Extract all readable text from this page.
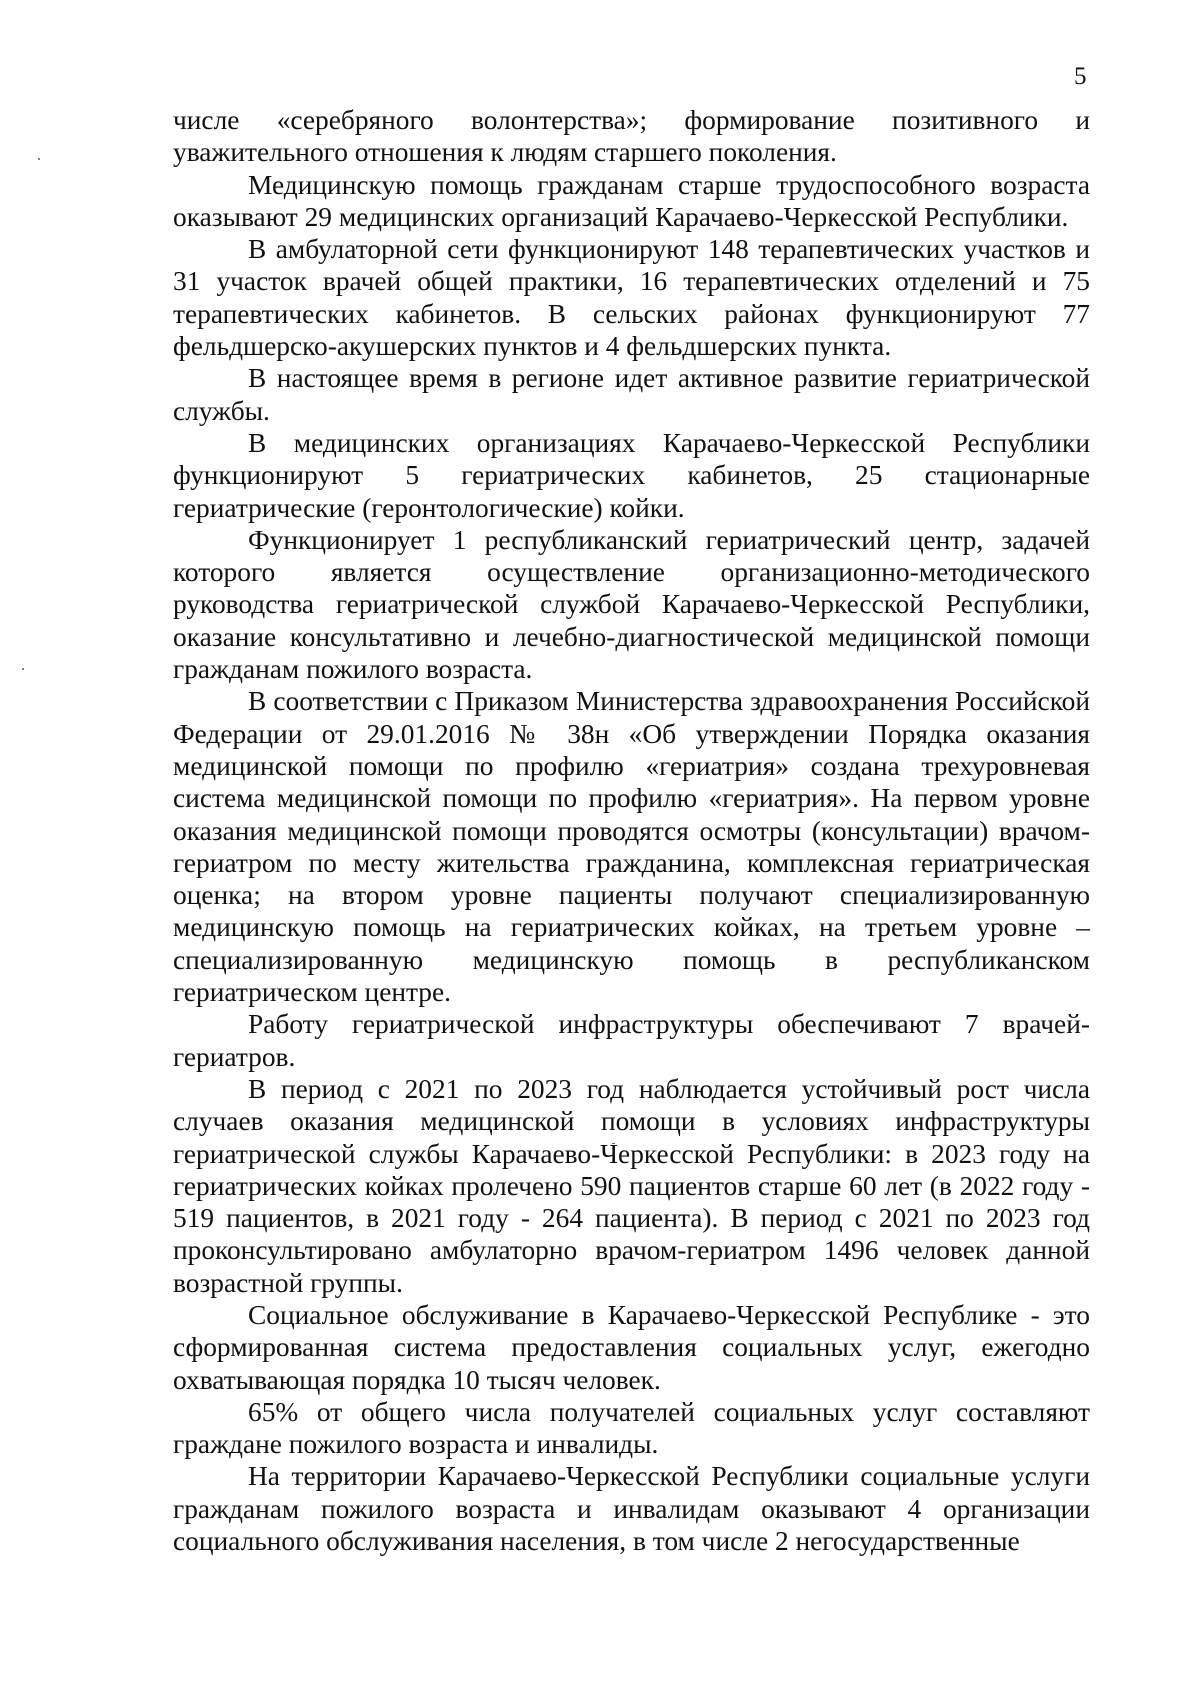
5

числе «серебряного волонтерства»; формирование позитивного и уважительного отношения к людям старшего поколения.

Медицинскую помощь гражданам старше трудоспособного возраста оказывают 29 медицинских организаций Карачаево-Черкесской Республики.

В амбулаторной сети функционируют 148 терапевтических участков и 31 участок врачей общей практики, 16 терапевтических отделений и 75 терапевтических кабинетов. В сельских районах функционируют 77 фельдшерско-акушерских пунктов и 4 фельдшерских пункта.

В настоящее время в регионе идет активное развитие гериатрической службы.

В медицинских организациях Карачаево-Черкесской Республики функционируют 5 гериатрических кабинетов, 25 стационарные гериатрические (геронтологические) койки.

Функционирует 1 республиканский гериатрический центр, задачей которого является осуществление организационно-методического руководства гериатрической службой Карачаево-Черкесской Республики, оказание консультативно и лечебно-диагностической медицинской помощи гражданам пожилого возраста.

В соответствии с Приказом Министерства здравоохранения Российской Федерации от 29.01.2016 № 38н «Об утверждении Порядка оказания медицинской помощи по профилю «гериатрия» создана трехуровневая система медицинской помощи по профилю «гериатрия». На первом уровне оказания медицинской помощи проводятся осмотры (консультации) врачом-гериатром по месту жительства гражданина, комплексная гериатрическая оценка; на втором уровне пациенты получают специализированную медицинскую помощь на гериатрических койках, на третьем уровне – специализированную медицинскую помощь в республиканском гериатрическом центре.

Работу гериатрической инфраструктуры обеспечивают 7 врачей-гериатров.

В период с 2021 по 2023 год наблюдается устойчивый рост числа случаев оказания медицинской помощи в условиях инфраструктуры гериатрической службы Карачаево-Черкесской Республики: в 2023 году на гериатрических койках пролечено 590 пациентов старше 60 лет (в 2022 году - 519 пациентов, в 2021 году - 264 пациента). В период с 2021 по 2023 год проконсультировано амбулаторно врачом-гериатром 1496 человек данной возрастной группы.

Социальное обслуживание в Карачаево-Черкесской Республике - это сформированная система предоставления социальных услуг, ежегодно охватывающая порядка 10 тысяч человек.

65% от общего числа получателей социальных услуг составляют граждане пожилого возраста и инвалиды.

На территории Карачаево-Черкесской Республики социальные услуги гражданам пожилого возраста и инвалидам оказывают 4 организации социального обслуживания населения, в том числе 2 негосударственные
